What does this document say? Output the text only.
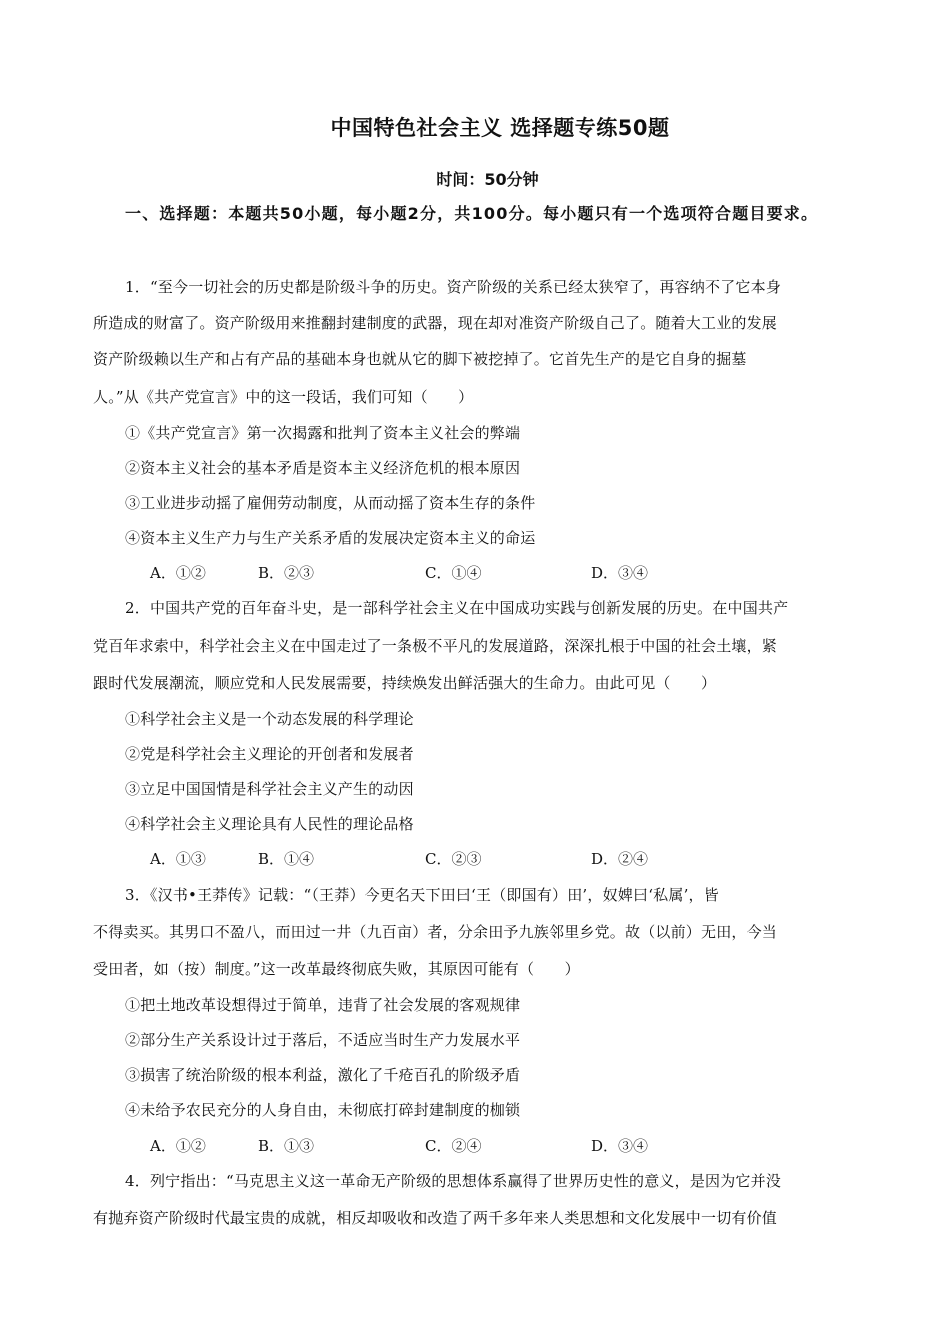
中国特色社会主义 选择题专练50题
时间：50分钟
一、选择题：本题共50小题，每小题2分，共100分。每小题只有一个选项符合题目要求。
1．“至今一切社会的历史都是阶级斗争的历史。资产阶级的关系已经太狭窄了，再容纳不了它本身
所造成的财富了。资产阶级用来推翻封建制度的武器，现在却对准资产阶级自己了。随着大工业的发展
资产阶级赖以生产和占有产品的基础本身也就从它的脚下被挖掉了。它首先生产的是它自身的掘墓
人。”从《共产党宣言》中的这一段话，我们可知（　　）
①《共产党宣言》第一次揭露和批判了资本主义社会的弊端
②资本主义社会的基本矛盾是资本主义经济危机的根本原因
③工业进步动摇了雇佣劳动制度，从而动摇了资本生存的条件
④资本主义生产力与生产关系矛盾的发展决定资本主义的命运
A．①②	B．②③	C．①④	D．③④
2．中国共产党的百年奋斗史，是一部科学社会主义在中国成功实践与创新发展的历史。在中国共产
党百年求索中，科学社会主义在中国走过了一条极不平凡的发展道路，深深扎根于中国的社会土壤，紧
跟时代发展潮流，顺应党和人民发展需要，持续焕发出鲜活强大的生命力。由此可见（　　）
①科学社会主义是一个动态发展的科学理论
②党是科学社会主义理论的开创者和发展者
③立足中国国情是科学社会主义产生的动因
④科学社会主义理论具有人民性的理论品格
A．①③	B．①④	C．②③	D．②④
3．《汉书•王莽传》记载：“（王莽）今更名天下田曰‘王（即国有）田’，奴婢曰‘私属’，皆
不得卖买。其男口不盈八，而田过一井（九百亩）者，分余田予九族邻里乡党。故（以前）无田，今当
受田者，如（按）制度。”这一改革最终彻底失败，其原因可能有（　　）
①把土地改革设想得过于简单，违背了社会发展的客观规律
②部分生产关系设计过于落后，不适应当时生产力发展水平
③损害了统治阶级的根本利益，激化了千疮百孔的阶级矛盾
④未给予农民充分的人身自由，未彻底打碎封建制度的枷锁
A．①②	B．①③	C．②④	D．③④
4．列宁指出：“马克思主义这一革命无产阶级的思想体系赢得了世界历史性的意义，是因为它并没
有抛弃资产阶级时代最宝贵的成就，相反却吸收和改造了两千多年来人类思想和文化发展中一切有价值
